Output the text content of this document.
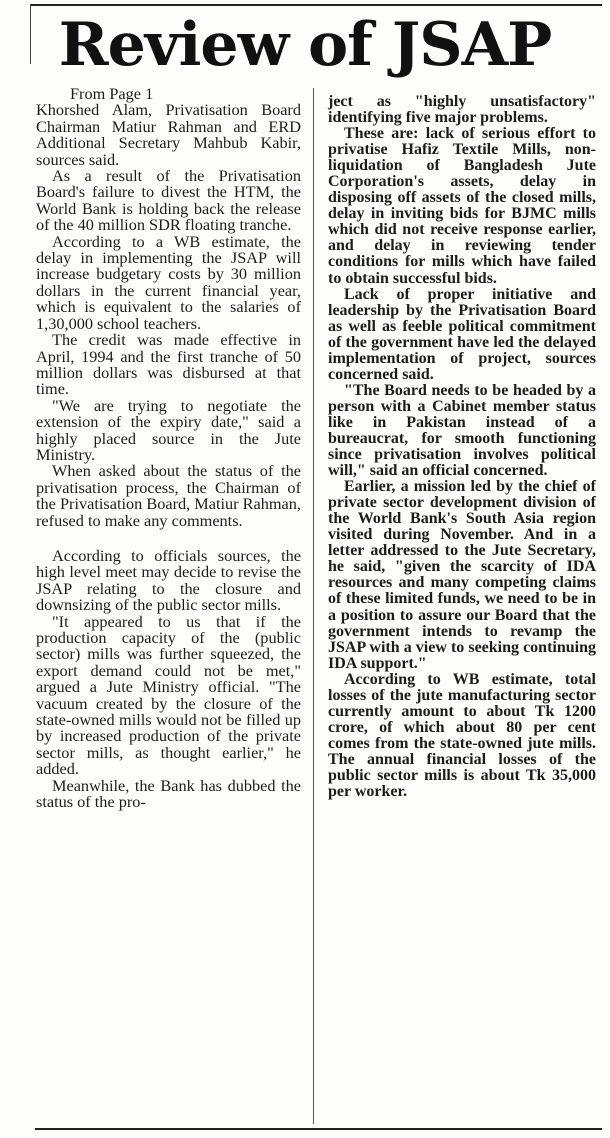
Review of JSAP

From Page 1

Khorshed Alam, Privatisation Board Chairman Matiur Rahman and ERD Additional Secretary Mahbub Kabir, sources said.

As a result of the Privatisation Board's failure to divest the HTM, the World Bank is holding back the release of the 40 million SDR floating tranche.

According to a WB estimate, the delay in implementing the JSAP will increase budgetary costs by 30 million dollars in the current financial year, which is equivalent to the salaries of 1,30,000 school teachers.

The credit was made effective in April, 1994 and the first tranche of 50 million dollars was disbursed at that time.

"We are trying to negotiate the extension of the expiry date," said a highly placed source in the Jute Ministry.

When asked about the status of the privatisation process, the Chairman of the Privatisation Board, Matiur Rahman, refused to make any comments.

According to officials sources, the high level meet may decide to revise the JSAP relating to the closure and downsizing of the public sector mills.

"It appeared to us that if the production capacity of the (public sector) mills was further squeezed, the export demand could not be met," argued a Jute Ministry official. "The vacuum created by the closure of the state-owned mills would not be filled up by increased production of the private sector mills, as thought earlier," he added.

Meanwhile, the Bank has dubbed the status of the pro-

ject as "highly unsatisfactory" identifying five major problems.

These are: lack of serious effort to privatise Hafiz Textile Mills, non-liquidation of Bangladesh Jute Corporation's assets, delay in disposing off assets of the closed mills, delay in inviting bids for BJMC mills which did not receive response earlier, and delay in reviewing tender conditions for mills which have failed to obtain successful bids.

Lack of proper initiative and leadership by the Privatisation Board as well as feeble political commitment of the government have led the delayed implementation of project, sources concerned said.

"The Board needs to be headed by a person with a Cabinet member status like in Pakistan instead of a bureaucrat, for smooth functioning since privatisation involves political will," said an official concerned.

Earlier, a mission led by the chief of private sector development division of the World Bank's South Asia region visited during November. And in a letter addressed to the Jute Secretary, he said, "given the scarcity of IDA resources and many competing claims of these limited funds, we need to be in a position to assure our Board that the government intends to revamp the JSAP with a view to seeking continuing IDA support."

According to WB estimate, total losses of the jute manufacturing sector currently amount to about Tk 1200 crore, of which about 80 per cent comes from the state-owned jute mills. The annual financial losses of the public sector mills is about Tk 35,000 per worker.
